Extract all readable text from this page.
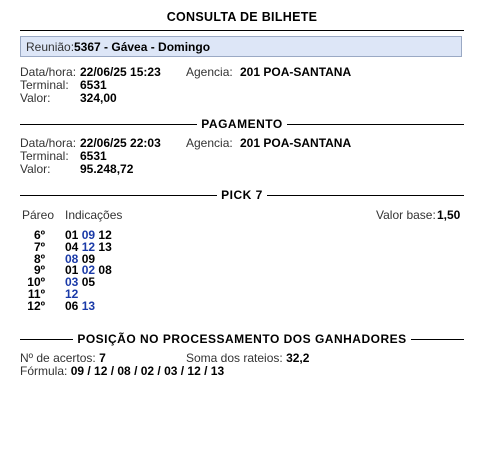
CONSULTA DE BILHETE
Reunião: 5367 - Gávea - Domingo
Data/hora: 22/06/25 15:23 Agencia: 201 POA-SANTANA
Terminal: 6531
Valor: 324,00
PAGAMENTO
Data/hora: 22/06/25 22:03 Agencia: 201 POA-SANTANA
Terminal: 6531
Valor: 95.248,72
PICK 7
Páreo Indicações	Valor base: 1,50
6º 01 09 12
7º 04 12 13
8º 08 09
9º 01 02 08
10º 03 05
11º 12
12º 06 13
POSIÇÃO NO PROCESSAMENTO DOS GANHADORES
Nº de acertos: 7	Soma dos rateios: 32,2
Fórmula: 09 / 12 / 08 / 02 / 03 / 12 / 13
